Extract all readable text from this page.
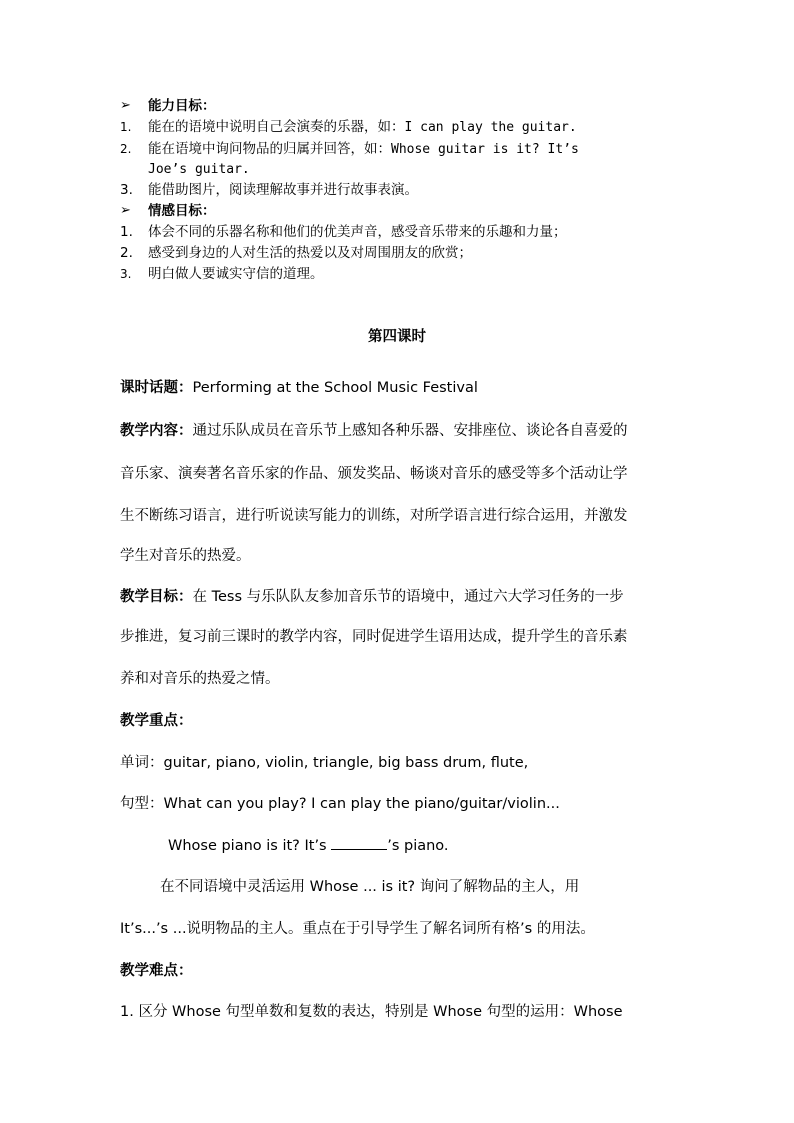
➢ 能力目标：
1. 能在的语境中说明自己会演奏的乐器，如：I can play the guitar.
2. 能在语境中询问物品的归属并回答，如：Whose guitar is it? It’s
Joe’s guitar.
3. 能借助图片，阅读理解故事并进行故事表演。
➢ 情感目标：
1. 体会不同的乐器名称和他们的优美声音，感受音乐带来的乐趣和力量；
2. 感受到身边的人对生活的热爱以及对周围朋友的欣赏；
3. 明白做人要诚实守信的道理。
第四课时
课时话题：Performing at the School Music Festival
教学内容：通过乐队成员在音乐节上感知各种乐器、安排座位、谈论各自喜爱的
音乐家、演奏著名音乐家的作品、颁发奖品、畅谈对音乐的感受等多个活动让学
生不断练习语言，进行听说读写能力的训练，对所学语言进行综合运用，并激发
学生对音乐的热爱。
教学目标：在 Tess 与乐队队友参加音乐节的语境中，通过六大学习任务的一步
步推进，复习前三课时的教学内容，同时促进学生语用达成，提升学生的音乐素
养和对音乐的热爱之情。
教学重点：
单词：guitar, piano, violin, triangle, big bass drum, flute,
句型：What can you play? I can play the piano/guitar/violin...
Whose piano is it? It’s	’s piano.
在不同语境中灵活运用 Whose ... is it? 询问了解物品的主人，用
It’s...’s ...说明物品的主人。重点在于引导学生了解名词所有格’s 的用法。
教学难点：
1. 区分 Whose 句型单数和复数的表达，特别是 Whose 句型的运用：Whose
